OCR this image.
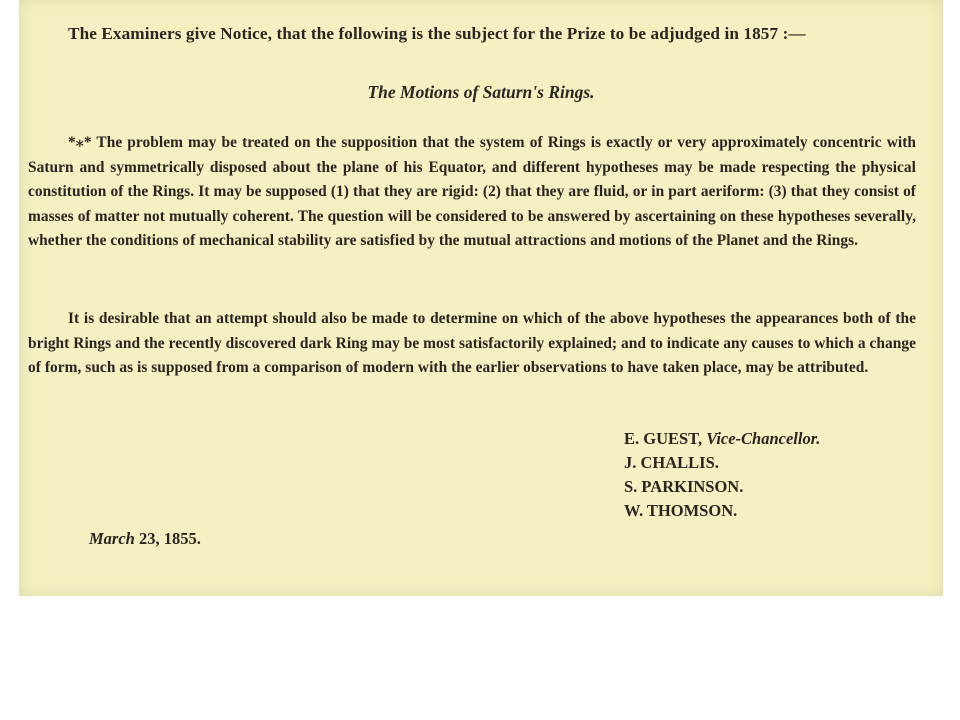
The Examiners give Notice, that the following is the subject for the Prize to be adjudged in 1857 :—

The Motions of Saturn's Rings.

*⁎* The problem may be treated on the supposition that the system of Rings is exactly or very approximately concentric with Saturn and symmetrically disposed about the plane of his Equator, and different hypotheses may be made respecting the physical constitution of the Rings. It may be supposed (1) that they are rigid: (2) that they are fluid, or in part aeriform: (3) that they consist of masses of matter not mutually coherent. The question will be considered to be answered by ascertaining on these hypotheses severally, whether the conditions of mechanical stability are satisfied by the mutual attractions and motions of the Planet and the Rings.

It is desirable that an attempt should also be made to determine on which of the above hypotheses the appearances both of the bright Rings and the recently discovered dark Ring may be most satisfactorily explained; and to indicate any causes to which a change of form, such as is supposed from a comparison of modern with the earlier observations to have taken place, may be attributed.

E. GUEST, Vice-Chancellor.
J. CHALLIS.
S. PARKINSON.
W. THOMSON.

March 23, 1855.
